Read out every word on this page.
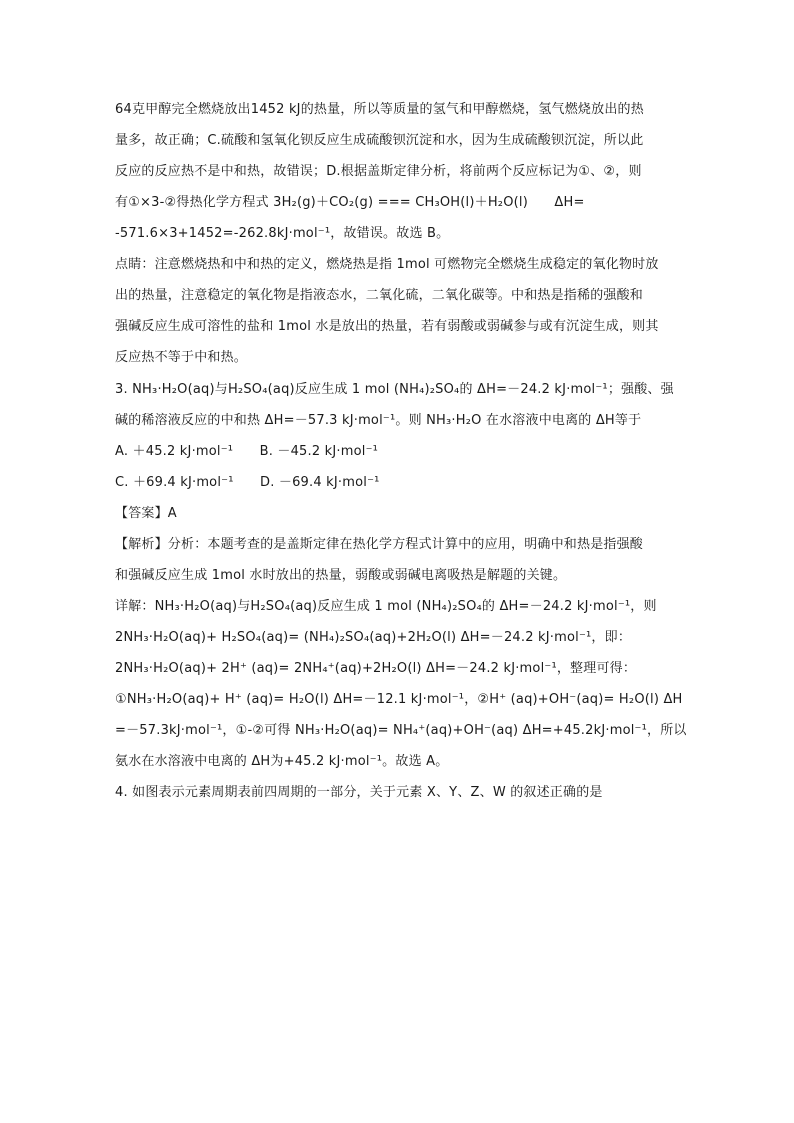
64克甲醇完全燃烧放出1452 kJ的热量，所以等质量的氢气和甲醇燃烧，氢气燃烧放出的热
量多，故正确；C.硫酸和氢氧化钡反应生成硫酸钡沉淀和水，因为生成硫酸钡沉淀，所以此
反应的反应热不是中和热，故错误；D.根据盖斯定律分析，将前两个反应标记为①、②，则
有①×3-②得热化学方程式 3H₂(g)＋CO₂(g) === CH₃OH(l)＋H₂O(l)　　ΔH=
-571.6×3+1452=-262.8kJ·mol⁻¹，故错误。故选 B。
点睛：注意燃烧热和中和热的定义，燃烧热是指 1mol 可燃物完全燃烧生成稳定的氧化物时放
出的热量，注意稳定的氧化物是指液态水，二氧化硫，二氧化碳等。中和热是指稀的强酸和
强碱反应生成可溶性的盐和 1mol 水是放出的热量，若有弱酸或弱碱参与或有沉淀生成，则其
反应热不等于中和热。
3. NH₃·H₂O(aq)与H₂SO₄(aq)反应生成 1 mol (NH₄)₂SO₄的 ΔH=－24.2 kJ·mol⁻¹；强酸、强
碱的稀溶液反应的中和热 ΔH=－57.3 kJ·mol⁻¹。则 NH₃·H₂O 在水溶液中电离的 ΔH等于
A. ＋45.2 kJ·mol⁻¹　　B. －45.2 kJ·mol⁻¹
C. ＋69.4 kJ·mol⁻¹　　D. －69.4 kJ·mol⁻¹
【答案】A
【解析】分析：本题考查的是盖斯定律在热化学方程式计算中的应用，明确中和热是指强酸
和强碱反应生成 1mol 水时放出的热量，弱酸或弱碱电离吸热是解题的关键。
详解：NH₃·H₂O(aq)与H₂SO₄(aq)反应生成 1 mol (NH₄)₂SO₄的 ΔH=－24.2 kJ·mol⁻¹，则
2NH₃·H₂O(aq)+ H₂SO₄(aq)= (NH₄)₂SO₄(aq)+2H₂O(l) ΔH=－24.2 kJ·mol⁻¹，即：
2NH₃·H₂O(aq)+ 2H⁺ (aq)= 2NH₄⁺(aq)+2H₂O(l) ΔH=－24.2 kJ·mol⁻¹，整理可得：
①NH₃·H₂O(aq)+ H⁺ (aq)= H₂O(l) ΔH=－12.1 kJ·mol⁻¹，②H⁺ (aq)+OH⁻(aq)= H₂O(l) ΔH
=－57.3kJ·mol⁻¹，①-②可得 NH₃·H₂O(aq)= NH₄⁺(aq)+OH⁻(aq) ΔH=+45.2kJ·mol⁻¹，所以
氨水在水溶液中电离的 ΔH为+45.2 kJ·mol⁻¹。故选 A。
4. 如图表示元素周期表前四周期的一部分，关于元素 X、Y、Z、W 的叙述正确的是
